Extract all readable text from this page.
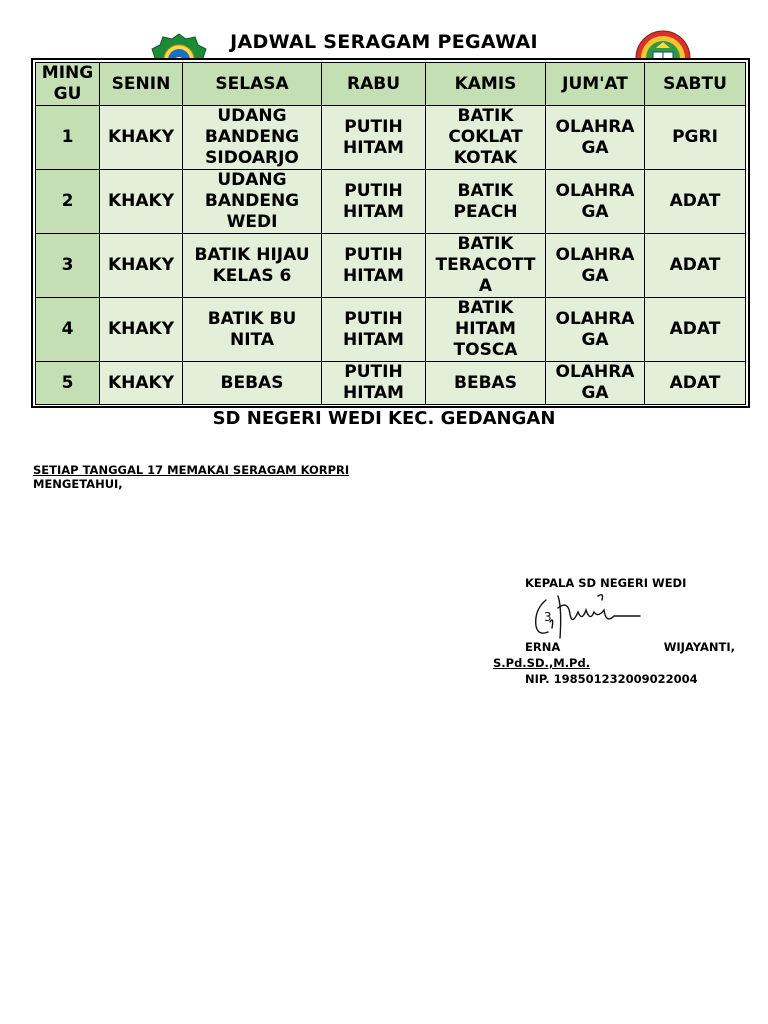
JADWAL SERAGAM PEGAWAI
MING GU	SENIN	SELASA	RABU	KAMIS	JUM'AT	SABTU
1	KHAKY	UDANG BANDENG SIDOARJO	PUTIH HITAM	BATIK COKLAT KOTAK	OLAHRA GA	PGRI
2	KHAKY	UDANG BANDENG WEDI	PUTIH HITAM	BATIK PEACH	OLAHRA GA	ADAT
3	KHAKY	BATIK HIJAU KELAS 6	PUTIH HITAM	BATIK TERACOTT A	OLAHRA GA	ADAT
4	KHAKY	BATIK BU NITA	PUTIH HITAM	BATIK HITAM TOSCA	OLAHRA GA	ADAT
5	KHAKY	BEBAS	PUTIH HITAM	BEBAS	OLAHRA GA	ADAT
SD NEGERI WEDI KEC. GEDANGAN
SETIAP TANGGAL 17 MEMAKAI SERAGAM KORPRI
MENGETAHUI,
KEPALA SD NEGERI WEDI
3
ERNA	WIJAYANTI,
S.Pd.SD.,M.Pd.
NIP. 198501232009022004
